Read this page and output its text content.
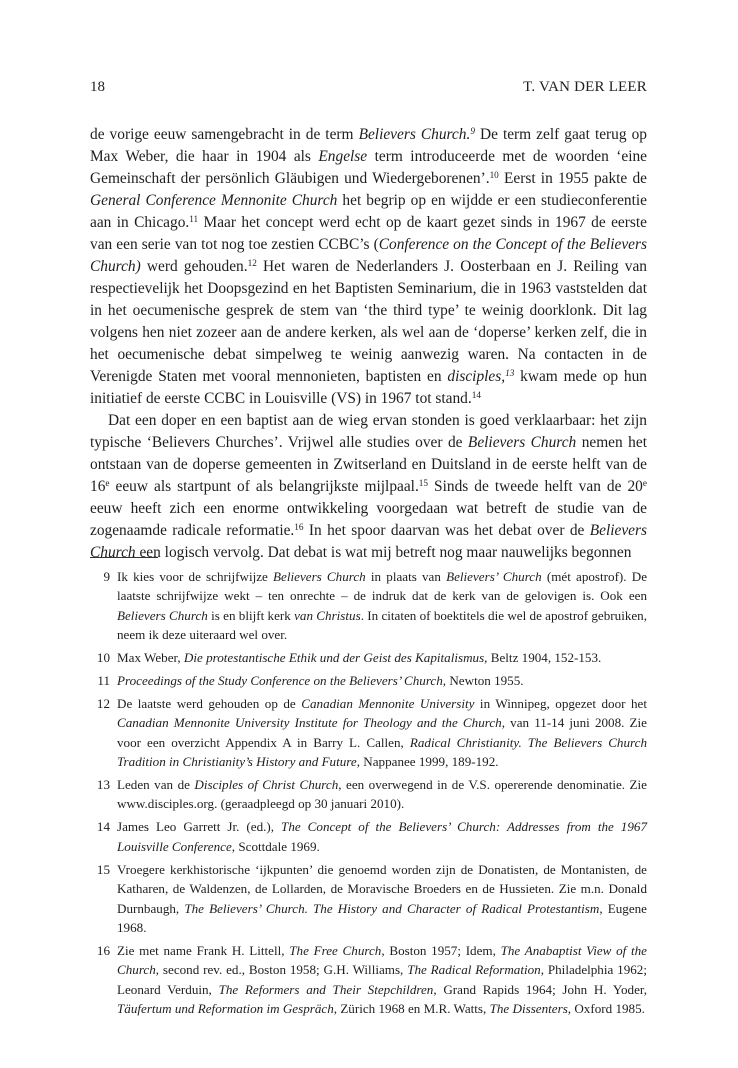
18	T. VAN DER LEER

de vorige eeuw samengebracht in de term Believers Church.$^9$ De term zelf gaat terug op Max Weber, die haar in 1904 als Engelse term introduceerde met de woorden ‘eine Gemeinschaft der persönlich Gläubigen und Wiedergeborenen’.$^{10}$ Eerst in 1955 pakte de General Conference Mennonite Church het begrip op en wijdde er een studieconferentie aan in Chicago.$^{11}$ Maar het concept werd echt op de kaart gezet sinds in 1967 de eerste van een serie van tot nog toe zestien CCBC’s (Conference on the Concept of the Believers Church) werd gehouden.$^{12}$ Het waren de Nederlanders J. Oosterbaan en J. Reiling van respectievelijk het Doopsgezind en het Baptisten Seminarium, die in 1963 vaststelden dat in het oecumenische gesprek de stem van ‘the third type’ te weinig doorklonk. Dit lag volgens hen niet zozeer aan de andere kerken, als wel aan de ‘doperse’ kerken zelf, die in het oecumenische debat simpelweg te weinig aanwezig waren. Na contacten in de Verenigde Staten met vooral mennonieten, baptisten en disciples,$^{13}$ kwam mede op hun initiatief de eerste CCBC in Louisville (VS) in 1967 tot stand.$^{14}$

Dat een doper en een baptist aan de wieg ervan stonden is goed verklaarbaar: het zijn typische ‘Believers Churches’. Vrijwel alle studies over de Believers Church nemen het ontstaan van de doperse gemeenten in Zwitserland en Duitsland in de eerste helft van de 16e eeuw als startpunt of als belangrijkste mijlpaal.$^{15}$ Sinds de tweede helft van de 20e eeuw heeft zich een enorme ontwikkeling voorgedaan wat betreft de studie van de zogenaamde radicale reformatie.$^{16}$ In het spoor daarvan was het debat over de Believers Church een logisch vervolg. Dat debat is wat mij betreft nog maar nauwelijks begonnen

9 Ik kies voor de schrijfwijze Believers Church in plaats van Believers’ Church (mét apostrof). De laatste schrijfwijze wekt – ten onrechte – de indruk dat de kerk van de gelovigen is. Ook een Believers Church is en blijft kerk van Christus. In citaten of boektitels die wel de apostrof gebruiken, neem ik deze uiteraard wel over.
10 Max Weber, Die protestantische Ethik und der Geist des Kapitalismus, Beltz 1904, 152-153.
11 Proceedings of the Study Conference on the Believers’ Church, Newton 1955.
12 De laatste werd gehouden op de Canadian Mennonite University in Winnipeg, opgezet door het Canadian Mennonite University Institute for Theology and the Church, van 11-14 juni 2008. Zie voor een overzicht Appendix A in Barry L. Callen, Radical Christianity. The Believers Church Tradition in Christianity’s History and Future, Nappanee 1999, 189-192.
13 Leden van de Disciples of Christ Church, een overwegend in de V.S. opererende denominatie. Zie www.disciples.org. (geraadpleegd op 30 januari 2010).
14 James Leo Garrett Jr. (ed.), The Concept of the Believers’ Church: Addresses from the 1967 Louisville Conference, Scottdale 1969.
15 Vroegere kerkhistorische ‘ijkpunten’ die genoemd worden zijn de Donatisten, de Montanisten, de Katharen, de Waldenzen, de Lollarden, de Moravische Broeders en de Hussieten. Zie m.n. Donald Durnbaugh, The Believers’ Church. The History and Character of Radical Protestantism, Eugene 1968.
16 Zie met name Frank H. Littell, The Free Church, Boston 1957; Idem, The Anabaptist View of the Church, second rev. ed., Boston 1958; G.H. Williams, The Radical Reformation, Philadelphia 1962; Leonard Verduin, The Reformers and Their Stepchildren, Grand Rapids 1964; John H. Yoder, Täufertum und Reformation im Gespräch, Zürich 1968 en M.R. Watts, The Dissenters, Oxford 1985.
